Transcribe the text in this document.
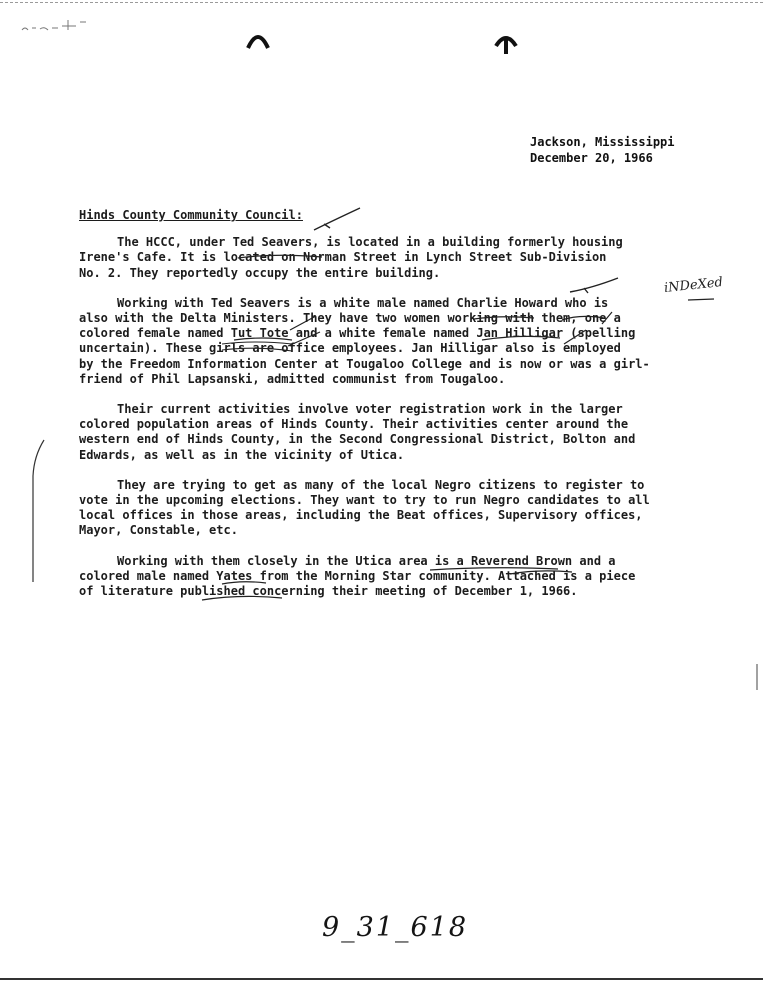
Jackson, Mississippi
December 20, 1966
Hinds County Community Council:
The HCCC, under Ted Seavers, is located in a building formerly housing
Irene's Cafe. It is located on Norman Street in Lynch Street Sub-Division
No. 2. They reportedly occupy the entire building.
Working with Ted Seavers is a white male named Charlie Howard who is
also with the Delta Ministers. They have two women working with them, one a
colored female named Tut Tote and a white female named Jan Hilligar (spelling
uncertain). These girls are office employees. Jan Hilligar also is employed
by the Freedom Information Center at Tougaloo College and is now or was a girl-
friend of Phil Lapsanski, admitted communist from Tougaloo.
Their current activities involve voter registration work in the larger
colored population areas of Hinds County. Their activities center around the
western end of Hinds County, in the Second Congressional District, Bolton and
Edwards, as well as in the vicinity of Utica.
They are trying to get as many of the local Negro citizens to register to
vote in the upcoming elections. They want to try to run Negro candidates to all
local offices in those areas, including the Beat offices, Supervisory offices,
Mayor, Constable, etc.
Working with them closely in the Utica area is a Reverend Brown and a
colored male named Yates from the Morning Star community. Attached is a piece
of literature published concerning their meeting of December 1, 1966.
iNDeXed
9_31_618
